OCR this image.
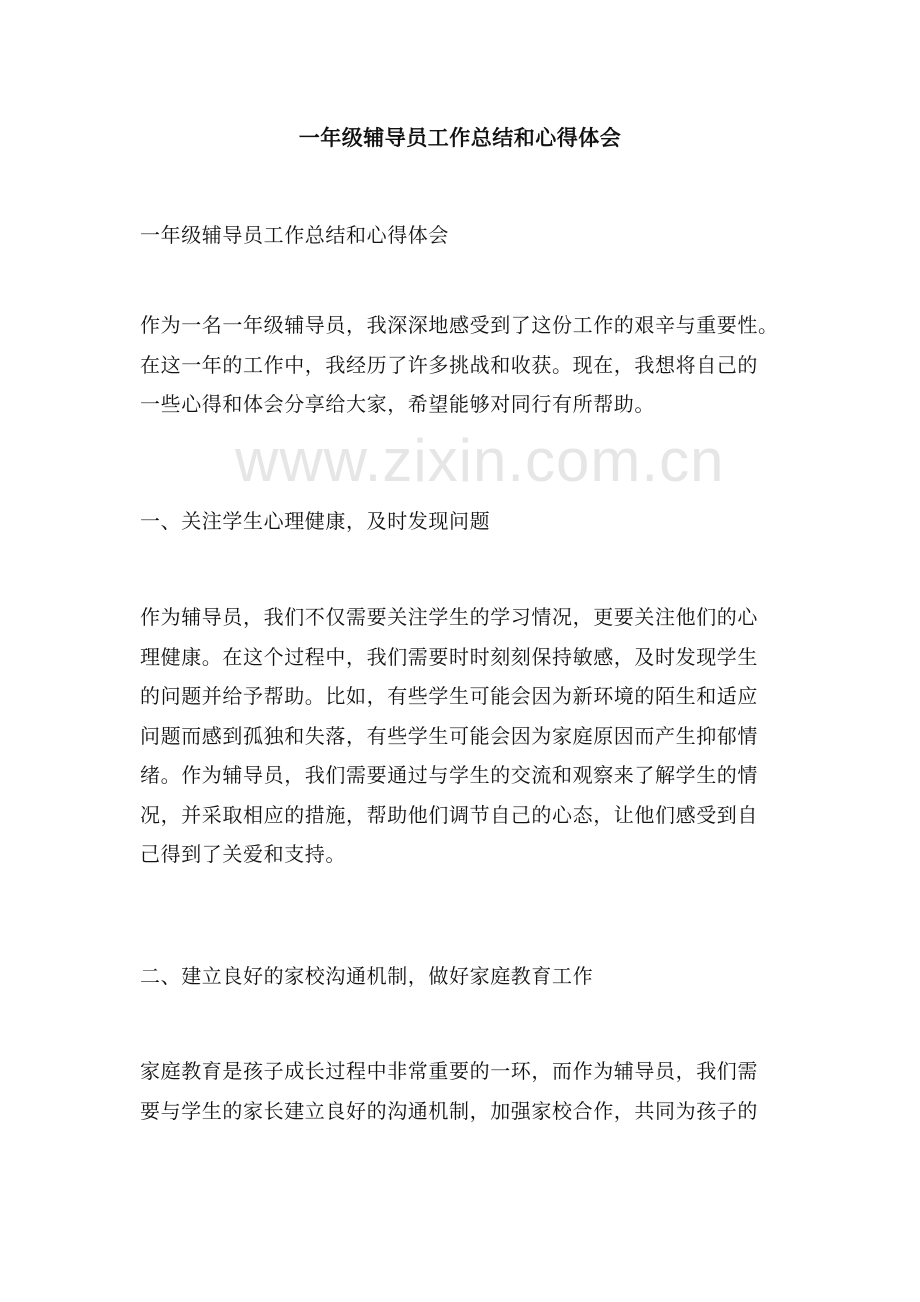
www.zixin.com.cn
一年级辅导员工作总结和心得体会
一年级辅导员工作总结和心得体会
作为一名一年级辅导员，我深深地感受到了这份工作的艰辛与重要性。
在这一年的工作中，我经历了许多挑战和收获。现在，我想将自己的
一些心得和体会分享给大家，希望能够对同行有所帮助。
一、关注学生心理健康，及时发现问题
作为辅导员，我们不仅需要关注学生的学习情况，更要关注他们的心
理健康。在这个过程中，我们需要时时刻刻保持敏感，及时发现学生
的问题并给予帮助。比如，有些学生可能会因为新环境的陌生和适应
问题而感到孤独和失落，有些学生可能会因为家庭原因而产生抑郁情
绪。作为辅导员，我们需要通过与学生的交流和观察来了解学生的情
况，并采取相应的措施，帮助他们调节自己的心态，让他们感受到自
己得到了关爱和支持。
二、建立良好的家校沟通机制，做好家庭教育工作
家庭教育是孩子成长过程中非常重要的一环，而作为辅导员，我们需
要与学生的家长建立良好的沟通机制，加强家校合作，共同为孩子的
